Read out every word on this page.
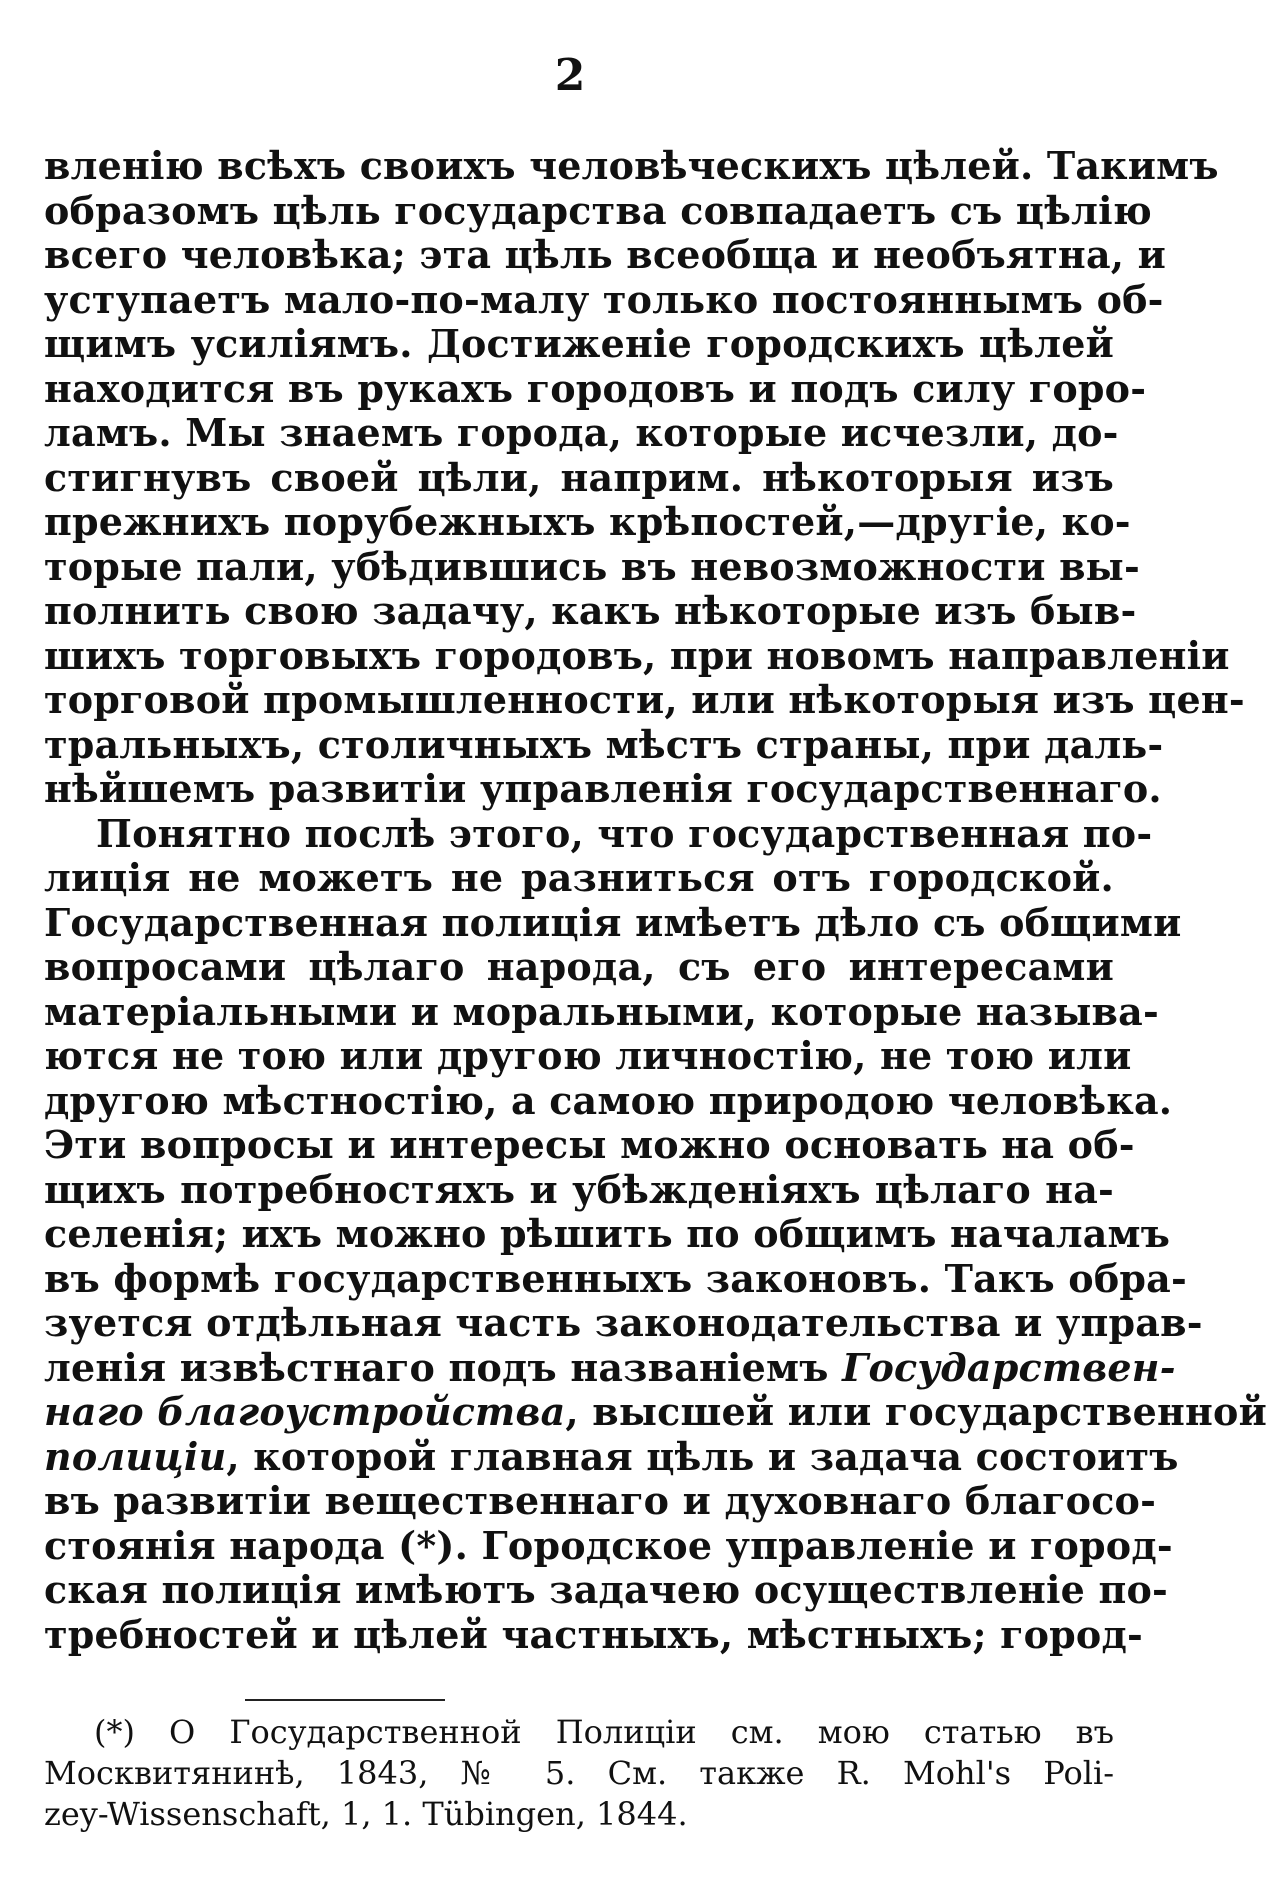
2
вленію всѣхъ своихъ человѣческихъ цѣлей. Такимъ
образомъ цѣль государства совпадаетъ съ цѣлію
всего человѣка; эта цѣль всеобща и необъятна, и
уступаетъ мало-по-малу только постояннымъ об-
щимъ усиліямъ. Достиженіе городскихъ цѣлей
находится въ рукахъ городовъ и подъ силу горо-
ламъ. Мы знаемъ города, которые исчезли, до-
стигнувъ своей цѣли, наприм. нѣкоторыя изъ
прежнихъ порубежныхъ крѣпостей,—другіе, ко-
торые пали, убѣдившись въ невозможности вы-
полнить свою задачу, какъ нѣкоторые изъ быв-
шихъ торговыхъ городовъ, при новомъ направленіи
торговой промышленности, или нѣкоторыя изъ цен-
тральныхъ, столичныхъ мѣстъ страны, при даль-
нѣйшемъ развитіи управленія государственнаго.
Понятно послѣ этого, что государственная по-
лиція не можетъ не разниться отъ городской.
Государственная полиція имѣетъ дѣло съ общими
вопросами цѣлаго народа, съ его интересами
матеріальными и моральными, которые называ-
ются не тою или другою личностію, не тою или
другою мѣстностію, а самою природою человѣка.
Эти вопросы и интересы можно основать на об-
щихъ потребностяхъ и убѣжденіяхъ цѣлаго на-
селенія; ихъ можно рѣшить по общимъ началамъ
въ формѣ государственныхъ законовъ. Такъ обра-
зуется отдѣльная часть законодательства и управ-
ленія извѣстнаго подъ названіемъ Государствен-
наго благоустройства, высшей или государственной
полиціи, которой главная цѣль и задача состоитъ
въ развитіи вещественнаго и духовнаго благосо-
стоянія народа (*). Городское управленіе и город-
ская полиція имѣютъ задачею осуществленіе по-
требностей и цѣлей частныхъ, мѣстныхъ; город-
(*) О Государственной Полиціи см. мою статью въ
Москвитянинѣ, 1843, № 5. См. также R. Mohl's Poli-
zey-Wissenschaft, 1, 1. Tübingen, 1844.
